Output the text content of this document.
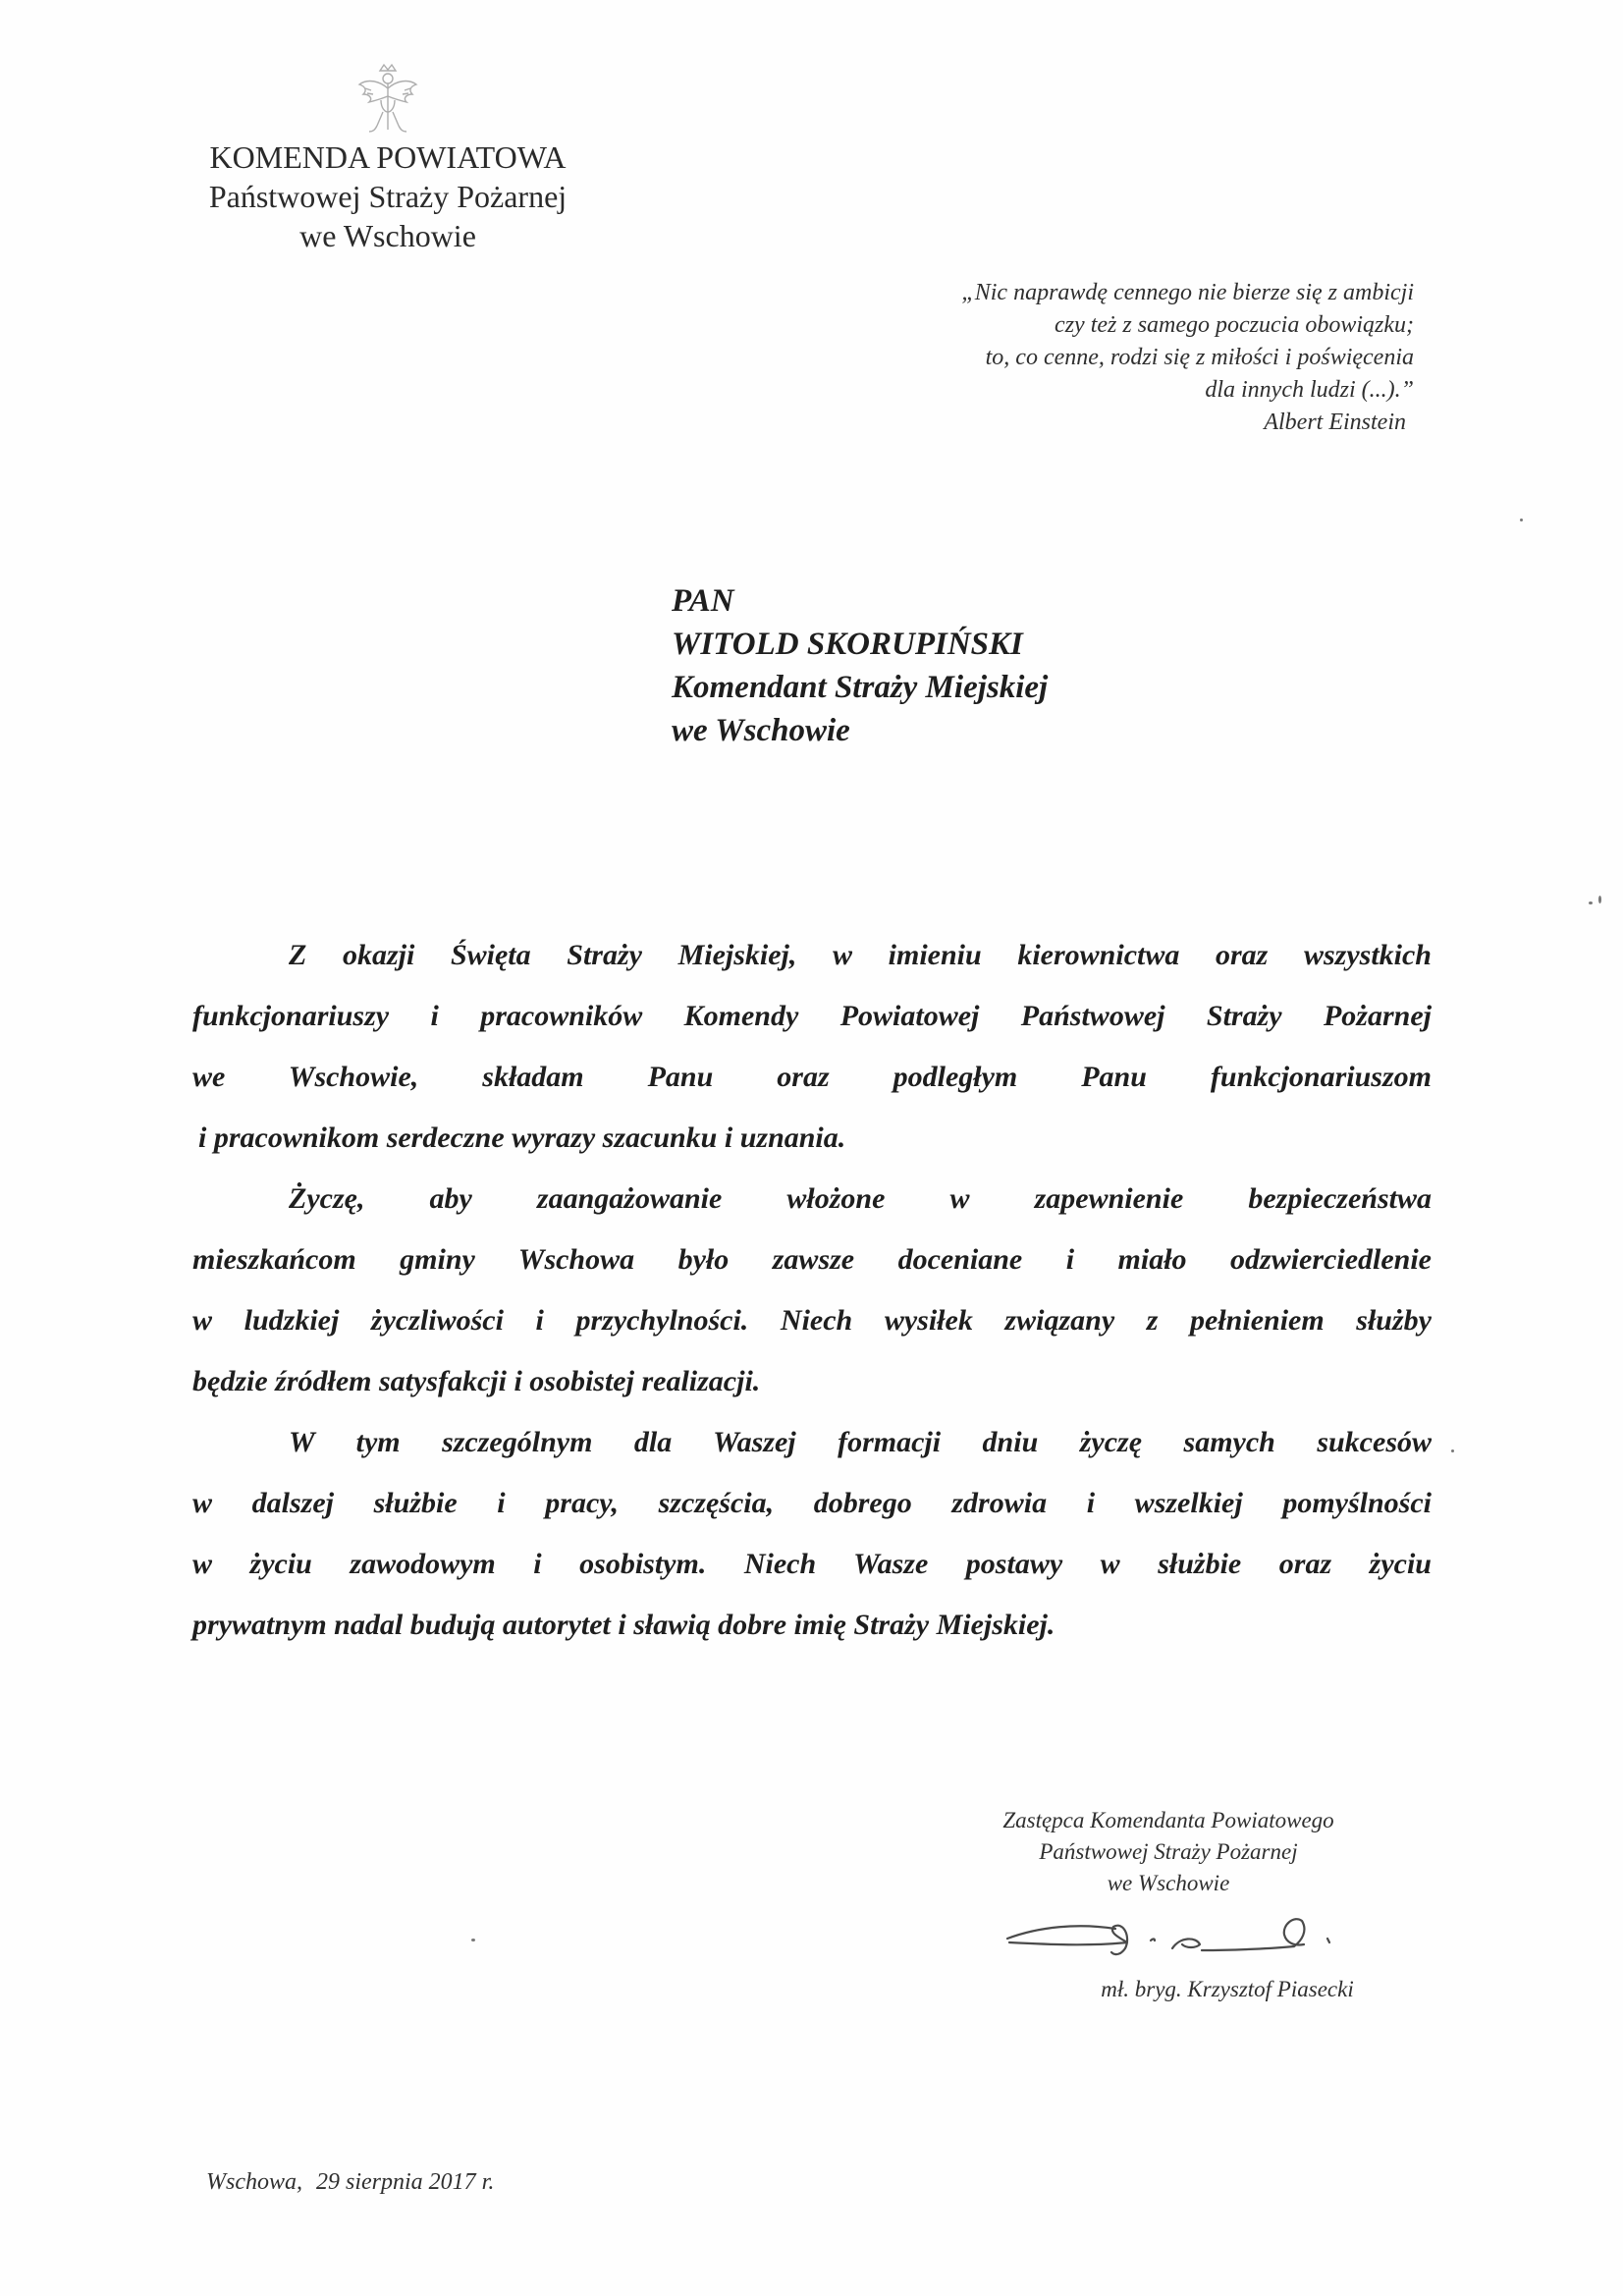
KOMENDA POWIATOWA
Państwowej Straży Pożarnej
we Wschowie
„Nic naprawdę cennego nie bierze się z ambicji
czy też z samego poczucia obowiązku;
to, co cenne, rodzi się z miłości i poświęcenia
dla innych ludzi (...).”
Albert Einstein
PAN
WITOLD SKORUPIŃSKI
Komendant Straży Miejskiej
we Wschowie
Z okazji Święta Straży Miejskiej, w imieniu kierownictwa oraz wszystkich
funkcjonariuszy i pracowników Komendy Powiatowej Państwowej Straży Pożarnej
we Wschowie, składam Panu oraz podległym Panu funkcjonariuszom
i pracownikom serdeczne wyrazy szacunku i uznania.
Życzę, aby zaangażowanie włożone w zapewnienie bezpieczeństwa
mieszkańcom gminy Wschowa było zawsze doceniane i miało odzwierciedlenie
w ludzkiej życzliwości i przychylności. Niech wysiłek związany z pełnieniem służby
będzie źródłem satysfakcji i osobistej realizacji.
W tym szczególnym dla Waszej formacji dniu życzę samych sukcesów
w dalszej służbie i pracy, szczęścia, dobrego zdrowia i wszelkiej pomyślności
w życiu zawodowym i osobistym. Niech Wasze postawy w służbie oraz życiu
prywatnym nadal budują autorytet i sławią dobre imię Straży Miejskiej.
Zastępca Komendanta Powiatowego
Państwowej Straży Pożarnej
we Wschowie
mł. bryg. Krzysztof Piasecki
Wschowa, 29 sierpnia 2017 r.
